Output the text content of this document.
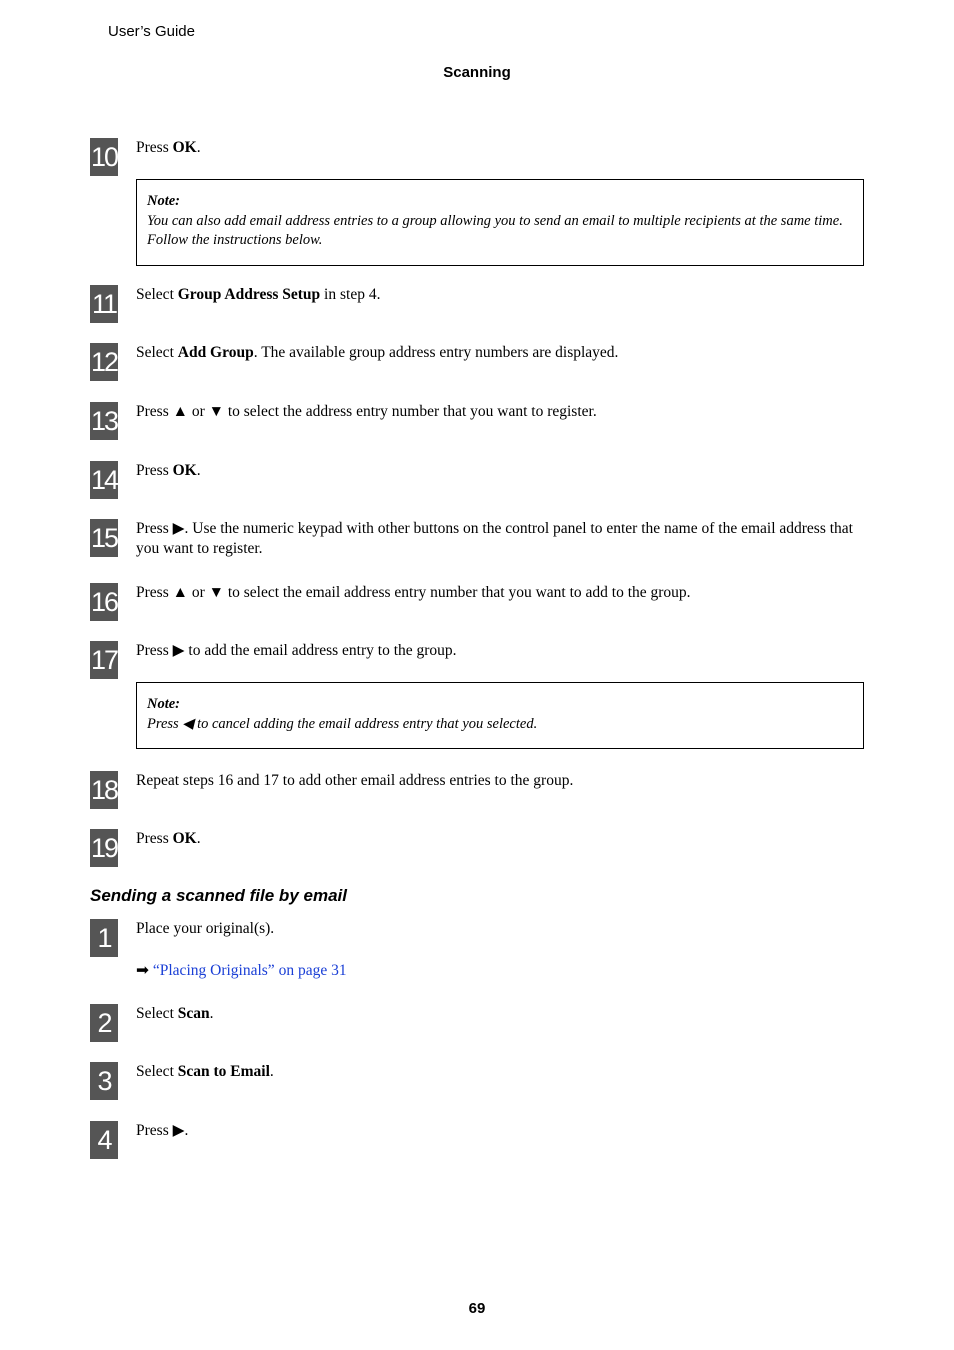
User’s Guide
Scanning
10 Press OK.
Note:
You can also add email address entries to a group allowing you to send an email to multiple recipients at the same time. Follow the instructions below.
11 Select Group Address Setup in step 4.
12 Select Add Group. The available group address entry numbers are displayed.
13 Press ▲ or ▼ to select the address entry number that you want to register.
14 Press OK.
15 Press ▶. Use the numeric keypad with other buttons on the control panel to enter the name of the email address that you want to register.
16 Press ▲ or ▼ to select the email address entry number that you want to add to the group.
17 Press ▶ to add the email address entry to the group.
Note:
Press ◀ to cancel adding the email address entry that you selected.
18 Repeat steps 16 and 17 to add other email address entries to the group.
19 Press OK.
Sending a scanned file by email
1	Place your original(s).
➡ “Placing Originals” on page 31
2	Select Scan.
3	Select Scan to Email.
4	Press ▶.
69
